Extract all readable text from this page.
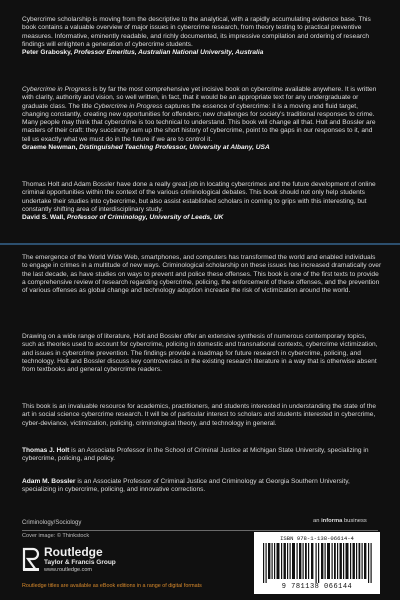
Cybercrime scholarship is moving from the descriptive to the analytical, with a rapidly accumulating evidence base. This book contains a valuable overview of major issues in cybercrime research, from theory testing to practical preventive measures. Informative, eminently readable, and richly documented, its impressive compilation and ordering of research findings will enlighten a generation of cybercrime students.

Peter Grabosky, Professor Emeritus, Australian National University, Australia

Cybercrime in Progress is by far the most comprehensive yet incisive book on cybercrime available anywhere. It is written with clarity, authority and vision, so well written, in fact, that it would be an appropriate text for any undergraduate or graduate class. The title Cybercrime in Progress captures the essence of cybercrime: it is a moving and fluid target, changing constantly, creating new opportunities for offenders; new challenges for society's traditional responses to crime. Many people may think that cybercrime is too technical to understand. This book will change all that. Holt and Bossler are masters of their craft: they succinctly sum up the short history of cybercrime, point to the gaps in our responses to it, and tell us exactly what we must do in the future if we are to control it.

Graeme Newman, Distinguished Teaching Professor, University at Albany, USA

Thomas Holt and Adam Bossler have done a really great job in locating cybercrimes and the future development of online criminal opportunities within the context of the various criminological debates. This book should not only help students undertake their studies into cybercrime, but also assist established scholars in coming to grips with this interesting, but constantly shifting area of interdisciplinary study.

David S. Wall, Professor of Criminology, University of Leeds, UK

The emergence of the World Wide Web, smartphones, and computers has transformed the world and enabled individuals to engage in crimes in a multitude of new ways. Criminological scholarship on these issues has increased dramatically over the last decade, as have studies on ways to prevent and police these offenses. This book is one of the first texts to provide a comprehensive review of research regarding cybercrime, policing, the enforcement of these offenses, and the prevention of various offenses as global change and technology adoption increase the risk of victimization around the world.

Drawing on a wide range of literature, Holt and Bossler offer an extensive synthesis of numerous contemporary topics, such as theories used to account for cybercrime, policing in domestic and transnational contexts, cybercrime victimization, and issues in cybercrime prevention. The findings provide a roadmap for future research in cybercrime, policing, and technology. Holt and Bossler discuss key controversies in the existing research literature in a way that is otherwise absent from textbooks and general cybercrime readers.

This book is an invaluable resource for academics, practitioners, and students interested in understanding the state of the art in social science cybercrime research. It will be of particular interest to scholars and students interested in cybercrime, cyber-deviance, victimization, policing, criminological theory, and technology in general.

Thomas J. Holt is an Associate Professor in the School of Criminal Justice at Michigan State University, specializing in cybercrime, policing, and policy.
Adam M. Bossler is an Associate Professor of Criminal Justice and Criminology at Georgia Southern University, specializing in cybercrime, policing, and innovative corrections.
Criminology/Sociology	an informa business
Cover image: © Thinkstock
Routledge
Taylor & Francis Group
www.routledge.com
Routledge titles are available as eBook editions in a range of digital formats
ISBN 978-1-138-06614-4
9 781138 066144
